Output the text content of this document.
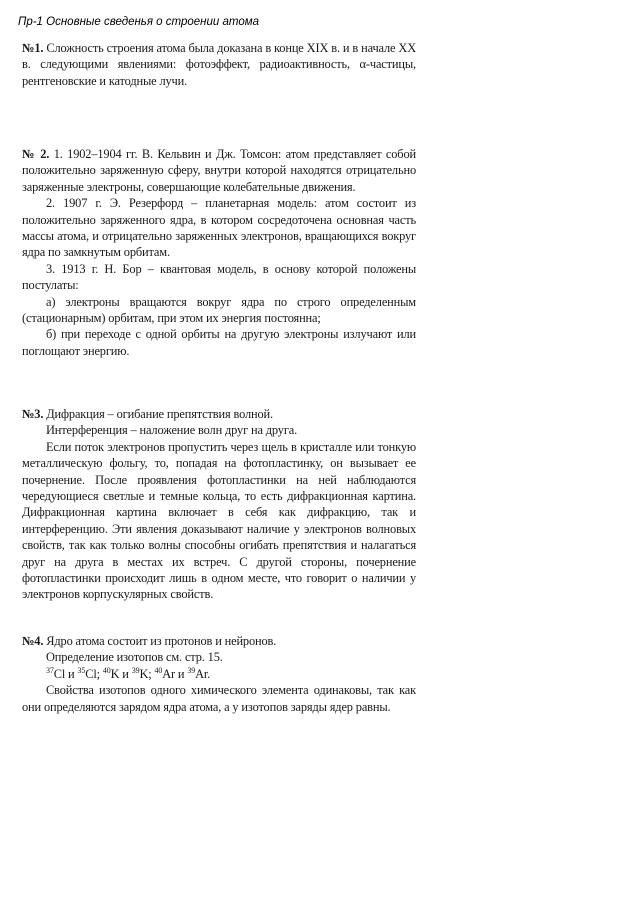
Пр-1 Основные сведенья о строении атома

№1. Сложность строения атома была доказана в конце XIX в. и в начале XX в. следующими явлениями: фотоэффект, радиоактивность, α-частицы, рентгеновские и катодные лучи.

№ 2. 1. 1902–1904 гг. В. Кельвин и Дж. Томсон: атом представляет собой положительно заряженную сферу, внутри которой находятся отрицательно заряженные электроны, совершающие колебательные движения.

2. 1907 г. Э. Резерфорд – планетарная модель: атом состоит из положительно заряженного ядра, в котором сосредоточена основная часть массы атома, и отрицательно заряженных электронов, вращающихся вокруг ядра по замкнутым орбитам.

3. 1913 г. Н. Бор – квантовая модель, в основу которой положены постулаты:

а) электроны вращаются вокруг ядра по строго определенным (стационарным) орбитам, при этом их энергия постоянна;

б) при переходе с одной орбиты на другую электроны излучают или поглощают энергию.

№3. Дифракция – огибание препятствия волной.

Интерференция – наложение волн друг на друга.

Если поток электронов пропустить через щель в кристалле или тонкую металлическую фольгу, то, попадая на фотопластинку, он вызывает ее почернение. После проявления фотопластинки на ней наблюдаются чередующиеся светлые и темные кольца, то есть дифракционная картина. Дифракционная картина включает в себя как дифракцию, так и интерференцию. Эти явления доказывают наличие у электронов волновых свойств, так как только волны способны огибать препятствия и налагаться друг на друга в местах их встреч. С другой стороны, почернение фотопластинки происходит лишь в одном месте, что говорит о наличии у электронов корпускулярных свойств.

№4. Ядро атома состоит из протонов и нейронов.

Определение изотопов см. стр. 15.

$^{37}$Cl и $^{35}$Cl; $^{40}$K и $^{39}$K; $^{40}$Ar и $^{39}$Ar.

Свойства изотопов одного химического элемента одинаковы, так как они определяются зарядом ядра атома, а у изотопов заряды ядер равны.
